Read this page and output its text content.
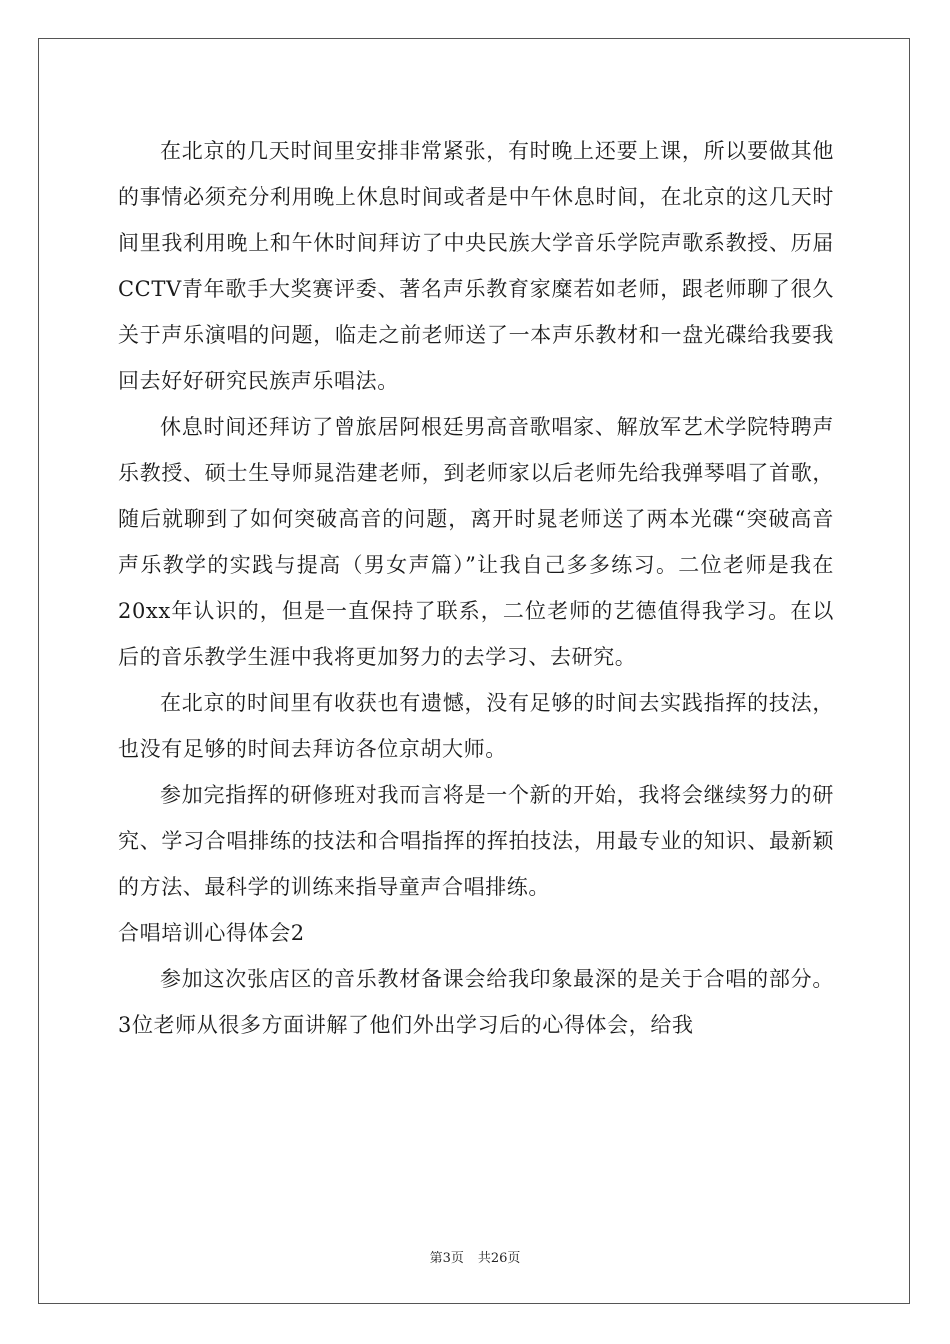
在北京的几天时间里安排非常紧张，有时晚上还要上课，所以要做其他的事情必须充分利用晚上休息时间或者是中午休息时间，在北京的这几天时间里我利用晚上和午休时间拜访了中央民族大学音乐学院声歌系教授、历届CCTV青年歌手大奖赛评委、著名声乐教育家糜若如老师，跟老师聊了很久关于声乐演唱的问题，临走之前老师送了一本声乐教材和一盘光碟给我要我回去好好研究民族声乐唱法。

休息时间还拜访了曾旅居阿根廷男高音歌唱家、解放军艺术学院特聘声乐教授、硕士生导师晁浩建老师，到老师家以后老师先给我弹琴唱了首歌，随后就聊到了如何突破高音的问题，离开时晁老师送了两本光碟“突破高音声乐教学的实践与提高（男女声篇）”让我自己多多练习。二位老师是我在20xx年认识的，但是一直保持了联系，二位老师的艺德值得我学习。在以后的音乐教学生涯中我将更加努力的去学习、去研究。

在北京的时间里有收获也有遗憾，没有足够的时间去实践指挥的技法，也没有足够的时间去拜访各位京胡大师。

参加完指挥的研修班对我而言将是一个新的开始，我将会继续努力的研究、学习合唱排练的技法和合唱指挥的挥拍技法，用最专业的知识、最新颖的方法、最科学的训练来指导童声合唱排练。

合唱培训心得体会2

参加这次张店区的音乐教材备课会给我印象最深的是关于合唱的部分。3位老师从很多方面讲解了他们外出学习后的心得体会，给我

第3页 共26页
